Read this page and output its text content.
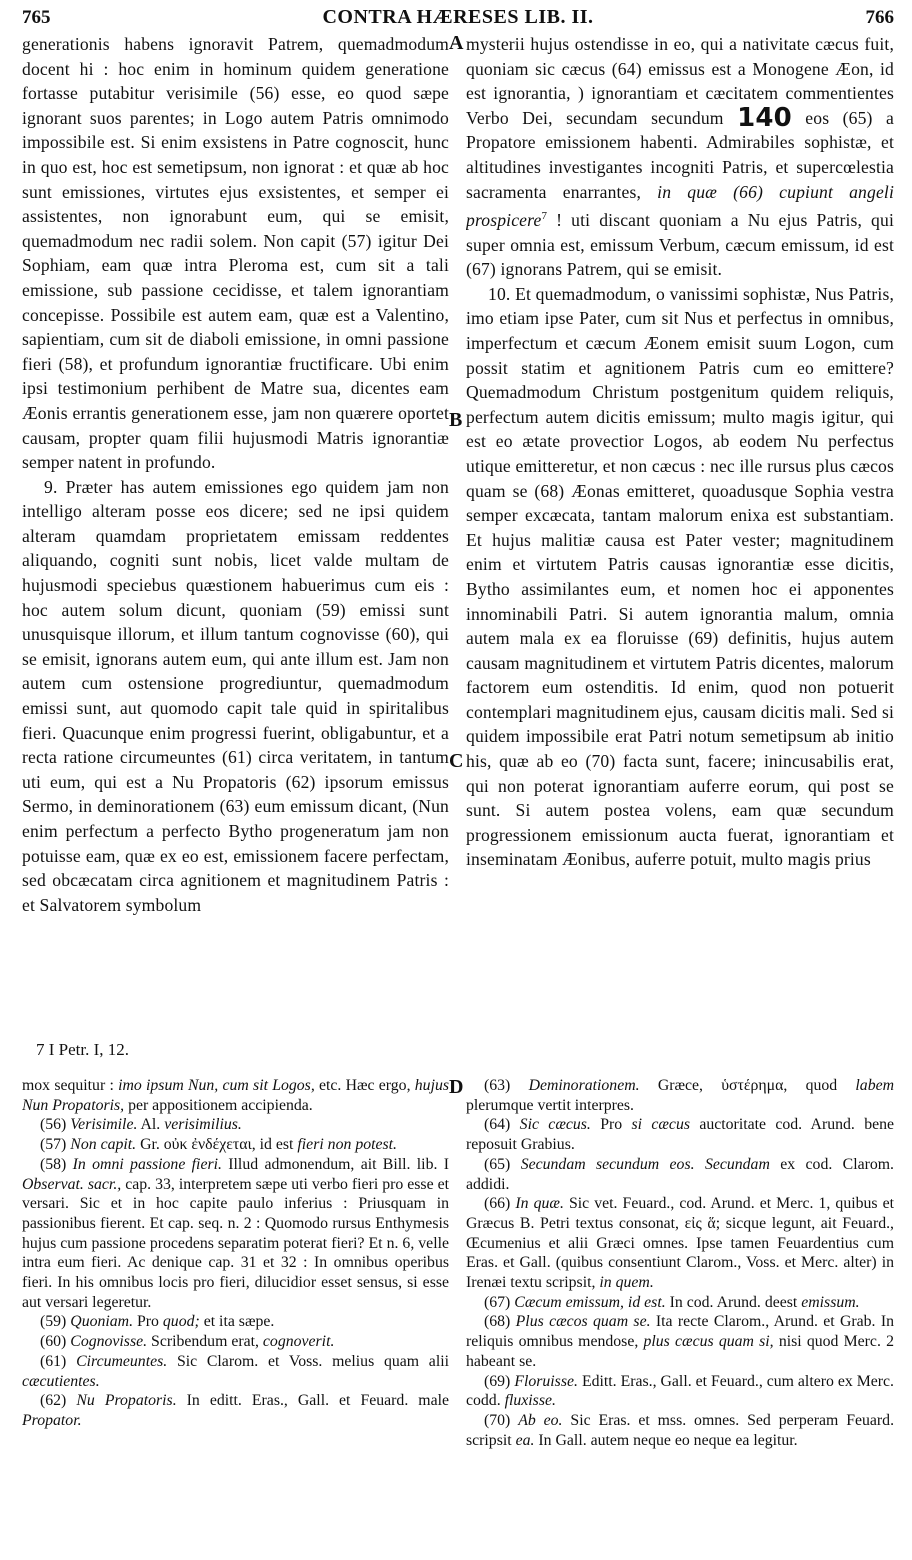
765	CONTRA HÆRESES LIB. II.	766

generationis habens ignoravit Patrem, quemadmodum docent hi : hoc enim in hominum quidem generatione fortasse putabitur verisimile (56) esse, eo quod sæpe ignorant suos parentes; in Logo autem Patris omnimodo impossibile est. Si enim exsistens in Patre cognoscit, hunc in quo est, hoc est semetipsum, non ignorat : et quæ ab hoc sunt emissiones, virtutes ejus exsistentes, et semper ei assistentes, non ignorabunt eum, qui se emisit, quemadmodum nec radii solem. Non capit (57) igitur Dei Sophiam, eam quæ intra Pleroma est, cum sit a tali emissione, sub passione cecidisse, et talem ignorantiam concepisse. Possibile est autem eam, quæ est a Valentino, sapientiam, cum sit de diaboli emissione, in omni passione fieri (58), et profundum ignorantiæ fructificare. Ubi enim ipsi testimonium perhibent de Matre sua, dicentes eam Æonis errantis generationem esse, jam non quærere oportet causam, propter quam filii hujusmodi Matris ignorantiæ semper natent in profundo.

9. Præter has autem emissiones ego quidem jam non intelligo alteram posse eos dicere; sed ne ipsi quidem alteram quamdam proprietatem emissam reddentes aliquando, cogniti sunt nobis, licet valde multam de hujusmodi speciebus quæstionem habuerimus cum eis : hoc autem solum dicunt, quoniam (59) emissi sunt unusquisque illorum, et illum tantum cognovisse (60), qui se emisit, ignorans autem eum, qui ante illum est. Jam non autem cum ostensione progrediuntur, quemadmodum emissi sunt, aut quomodo capit tale quid in spiritalibus fieri. Quacunque enim progressi fuerint, obligabuntur, et a recta ratione circumeuntes (61) circa veritatem, in tantum uti eum, qui est a Nu Propatoris (62) ipsorum emissus Sermo, in deminorationem (63) eum emissum dicant, (Nun enim perfectum a perfecto Bytho progeneratum jam non potuisse eam, quæ ex eo est, emissionem facere perfectam, sed obcæcatam circa agnitionem et magnitudinem Patris : et Salvatorem symbolum

A
B
C
D

mysterii hujus ostendisse in eo, qui a nativitate cæcus fuit, quoniam sic cæcus (64) emissus est a Monogene Æon, id est ignorantia, ) ignorantiam et cæcitatem commentientes Verbo Dei, secundam secundum 140 eos (65) a Propatore emissionem habenti. Admirabiles sophistæ, et altitudines investigantes incogniti Patris, et supercœlestia sacramenta enarrantes, in quæ (66) cupiunt angeli prospicere$^7$ ! uti discant quoniam a Nu ejus Patris, qui super omnia est, emissum Verbum, cæcum emissum, id est (67) ignorans Patrem, qui se emisit.

10. Et quemadmodum, o vanissimi sophistæ, Nus Patris, imo etiam ipse Pater, cum sit Nus et perfectus in omnibus, imperfectum et cæcum Æonem emisit suum Logon, cum possit statim et agnitionem Patris cum eo emittere? Quemadmodum Christum postgenitum quidem reliquis, perfectum autem dicitis emissum; multo magis igitur, qui est eo ætate provectior Logos, ab eodem Nu perfectus utique emitteretur, et non cæcus : nec ille rursus plus cæcos quam se (68) Æonas emitteret, quoadusque Sophia vestra semper excæcata, tantam malorum enixa est substantiam. Et hujus malitiæ causa est Pater vester; magnitudinem enim et virtutem Patris causas ignorantiæ esse dicitis, Bytho assimilantes eum, et nomen hoc ei apponentes innominabili Patri. Si autem ignorantia malum, omnia autem mala ex ea floruisse (69) definitis, hujus autem causam magnitudinem et virtutem Patris dicentes, malorum factorem eum ostenditis. Id enim, quod non potuerit contemplari magnitudinem ejus, causam dicitis mali. Sed si quidem impossibile erat Patri notum semetipsum ab initio his, quæ ab eo (70) facta sunt, facere; inincusabilis erat, qui non poterat ignorantiam auferre eorum, qui post se sunt. Si autem postea volens, eam quæ secundum progressionem emissionum aucta fuerat, ignorantiam et inseminatam Æonibus, auferre potuit, multo magis prius

7 I Petr. I, 12.

mox sequitur : imo ipsum Nun, cum sit Logos, etc. Hæc ergo, hujus Nun Propatoris, per appositionem accipienda.

(56) Verisimile. Al. verisimilius.

(57) Non capit. Gr. οὐκ ἐνδέχεται, id est fieri non potest.

(58) In omni passione fieri. Illud admonendum, ait Bill. lib. I Observat. sacr., cap. 33, interpretem sæpe uti verbo fieri pro esse et versari. Sic et in hoc capite paulo inferius : Priusquam in passionibus fierent. Et cap. seq. n. 2 : Quomodo rursus Enthymesis hujus cum passione procedens separatim poterat fieri? Et n. 6, velle intra eum fieri. Ac denique cap. 31 et 32 : In omnibus operibus fieri. In his omnibus locis pro fieri, dilucidior esset sensus, si esse aut versari legeretur.

(59) Quoniam. Pro quod; et ita sæpe.

(60) Cognovisse. Scribendum erat, cognoverit.

(61) Circumeuntes. Sic Clarom. et Voss. melius quam alii cæcutientes.

(62) Nu Propatoris. In editt. Eras., Gall. et Feuard. male Propator.

(63) Deminorationem. Græce, ὑστέρημα, quod labem plerumque vertit interpres.

(64) Sic cæcus. Pro si cæcus auctoritate cod. Arund. bene reposuit Grabius.

(65) Secundam secundum eos. Secundam ex cod. Clarom. addidi.

(66) In quæ. Sic vet. Feuard., cod. Arund. et Merc. 1, quibus et Græcus B. Petri textus consonat, εἰς ἅ; sicque legunt, ait Feuard., Œcumenius et alii Græci omnes. Ipse tamen Feuardentius cum Eras. et Gall. (quibus consentiunt Clarom., Voss. et Merc. alter) in Irenæi textu scripsit, in quem.

(67) Cæcum emissum, id est. In cod. Arund. deest emissum.

(68) Plus cæcos quam se. Ita recte Clarom., Arund. et Grab. In reliquis omnibus mendose, plus cæcus quam si, nisi quod Merc. 2 habeant se.

(69) Floruisse. Editt. Eras., Gall. et Feuard., cum altero ex Merc. codd. fluxisse.

(70) Ab eo. Sic Eras. et mss. omnes. Sed perperam Feuard. scripsit ea. In Gall. autem neque eo neque ea legitur.
